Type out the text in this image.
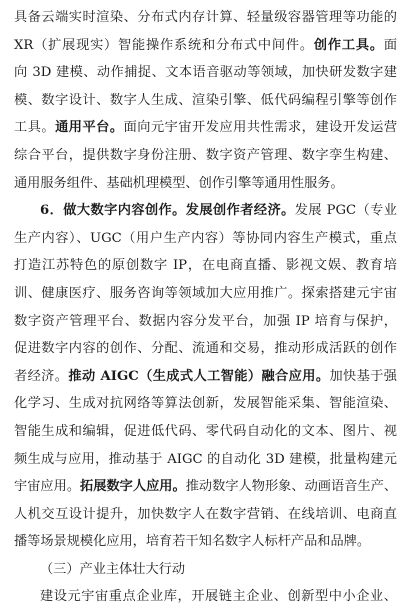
具备云端实时渲染、分布式内存计算、轻量级容器管理等功能的
XR（扩展现实）智能操作系统和分布式中间件。创作工具。面
向 3D 建模、动作捕捉、文本语音驱动等领域，加快研发数字建
模、数字设计、数字人生成、渲染引擎、低代码编程引擎等创作
工具。通用平台。面向元宇宙开发应用共性需求，建设开发运营
综合平台，提供数字身份注册、数字资产管理、数字孪生构建、
通用服务组件、基础机理模型、创作引擎等通用性服务。
6．做大数字内容创作。发展创作者经济。发展 PGC（专业
生产内容）、UGC（用户生产内容）等协同内容生产模式，重点
打造江苏特色的原创数字 IP，在电商直播、影视文娱、教育培
训、健康医疗、服务咨询等领域加大应用推广。探索搭建元宇宙
数字资产管理平台、数据内容分发平台，加强 IP 培育与保护，
促进数字内容的创作、分配、流通和交易，推动形成活跃的创作
者经济。推动 AIGC（生成式人工智能）融合应用。加快基于强
化学习、生成对抗网络等算法创新，发展智能采集、智能渲染、
智能生成和编辑，促进低代码、零代码自动化的文本、图片、视
频生成与应用，推动基于 AIGC 的自动化 3D 建模，批量构建元
宇宙应用。拓展数字人应用。推动数字人物形象、动画语音生产、
人机交互设计提升，加快数字人在数字营销、在线培训、电商直
播等场景规模化应用，培育若干知名数字人标杆产品和品牌。
（三）产业主体壮大行动
建设元宇宙重点企业库，开展链主企业、创新型中小企业、
